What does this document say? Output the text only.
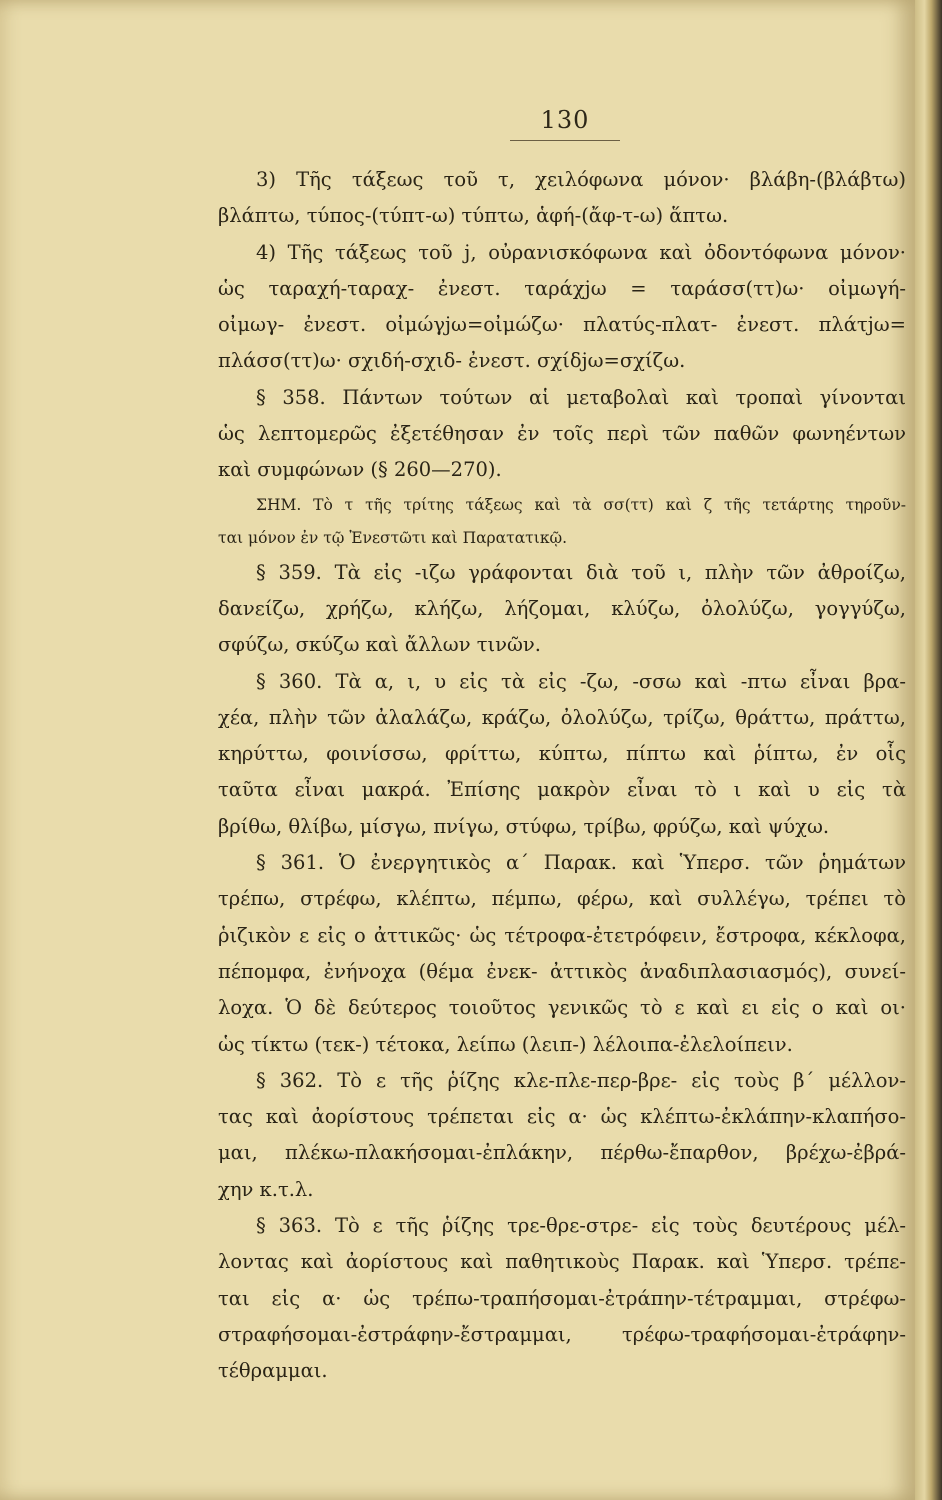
130
3) Τῆς τάξεως τοῦ τ, χειλόφωνα μόνον· βλάβη-(βλάβτω)
βλάπτω, τύπος-(τύπτ-ω) τύπτω, ἁφή-(ἄφ-τ-ω) ἅπτω.
4) Τῆς τάξεως τοῦ j, οὐρανισκόφωνα καὶ ὀδοντόφωνα μόνον·
ὡς ταραχή-ταραχ- ἐνεστ. ταράχjω = ταράσσ(ττ)ω· οἰμωγή-
οἰμωγ- ἐνεστ. οἰμώγjω=οἰμώζω· πλατύς-πλατ- ἐνεστ. πλάτjω=
πλάσσ(ττ)ω· σχιδή-σχιδ- ἐνεστ. σχίδjω=σχίζω.
§ 358. Πάντων τούτων αἱ μεταβολαὶ καὶ τροπαὶ γίνονται
ὡς λεπτομερῶς ἐξετέθησαν ἐν τοῖς περὶ τῶν παθῶν φωνηέντων
καὶ συμφώνων (§ 260—270).
ΣΗΜ. Τὸ τ τῆς τρίτης τάξεως καὶ τὰ σσ(ττ) καὶ ζ τῆς τετάρτης τηροῦν-
ται μόνον ἐν τῷ Ἐνεστῶτι καὶ Παρατατικῷ.
§ 359. Τὰ εἰς -ιζω γράφονται διὰ τοῦ ι, πλὴν τῶν ἀθροίζω,
δανείζω, χρήζω, κλήζω, λήζομαι, κλύζω, ὀλολύζω, γογγύζω,
σφύζω, σκύζω καὶ ἄλλων τινῶν.
§ 360. Τὰ α, ι, υ εἰς τὰ εἰς -ζω, -σσω καὶ -πτω εἶναι βρα-
χέα, πλὴν τῶν ἀλαλάζω, κράζω, ὀλολύζω, τρίζω, θράττω, πράττω,
κηρύττω, φοινίσσω, φρίττω, κύπτω, πίπτω καὶ ῥίπτω, ἐν οἷς
ταῦτα εἶναι μακρά. Ἐπίσης μακρὸν εἶναι τὸ ι καὶ υ εἰς τὰ
βρίθω, θλίβω, μίσγω, πνίγω, στύφω, τρίβω, φρύζω, καὶ ψύχω.
§ 361. Ὁ ἐνεργητικὸς α΄ Παρακ. καὶ Ὑπερσ. τῶν ῥημάτων
τρέπω, στρέφω, κλέπτω, πέμπω, φέρω, καὶ συλλέγω, τρέπει τὸ
ῥιζικὸν ε εἰς ο ἀττικῶς· ὡς τέτροφα-ἐτετρόφειν, ἔστροφα, κέκλοφα,
πέπομφα, ἐνήνοχα (θέμα ἐνεκ- ἀττικὸς ἀναδιπλασιασμός), συνεί-
λοχα. Ὁ δὲ δεύτερος τοιοῦτος γενικῶς τὸ ε καὶ ει εἰς ο καὶ οι·
ὡς τίκτω (τεκ-) τέτοκα, λείπω (λειπ-) λέλοιπα-ἐλελοίπειν.
§ 362. Τὸ ε τῆς ῥίζης κλε-πλε-περ-βρε- εἰς τοὺς β΄ μέλλον-
τας καὶ ἀορίστους τρέπεται εἰς α· ὡς κλέπτω-ἐκλάπην-κλαπήσο-
μαι, πλέκω-πλακήσομαι-ἐπλάκην, πέρθω-ἔπαρθον, βρέχω-ἐβρά-
χην κ.τ.λ.
§ 363. Τὸ ε τῆς ῥίζης τρε-θρε-στρε- εἰς τοὺς δευτέρους μέλ-
λοντας καὶ ἀορίστους καὶ παθητικοὺς Παρακ. καὶ Ὑπερσ. τρέπε-
ται εἰς α· ὡς τρέπω-τραπήσομαι-ἐτράπην-τέτραμμαι, στρέφω-
στραφήσομαι-ἐστράφην-ἔστραμμαι, τρέφω-τραφήσομαι-ἐτράφην-
τέθραμμαι.
